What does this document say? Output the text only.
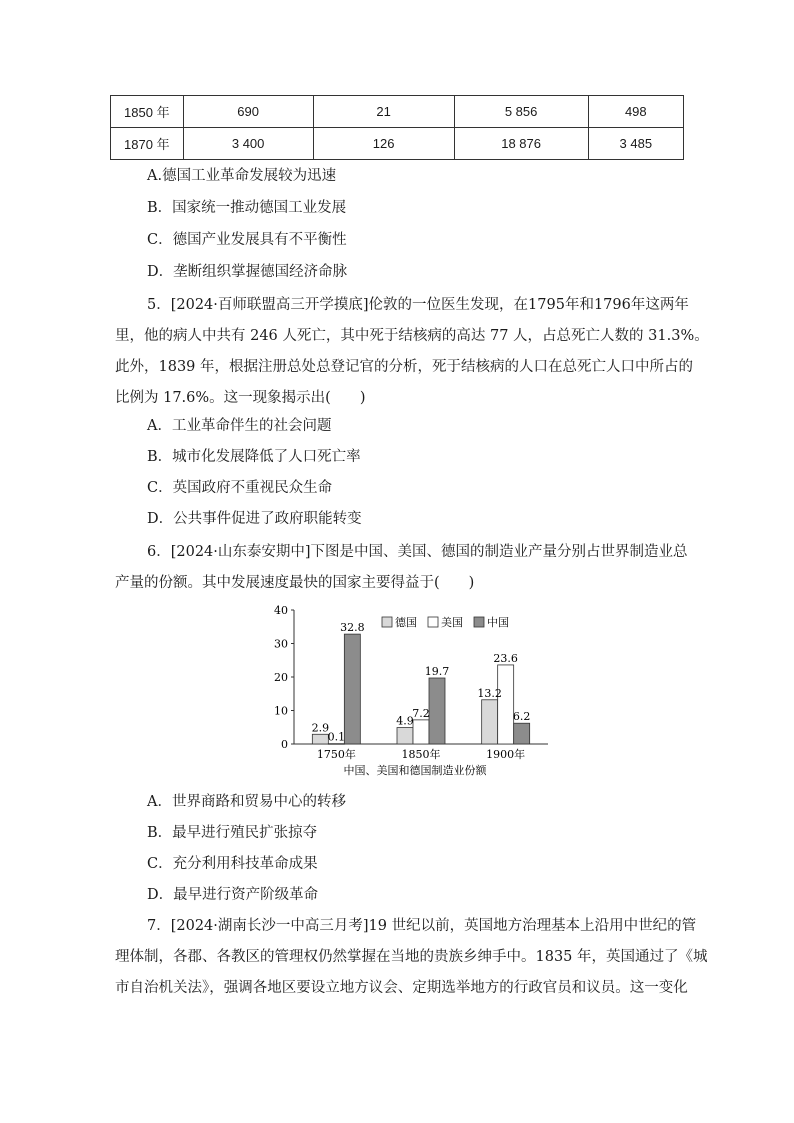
1850 年	690	21	5 856	498
1870 年	3 400	126	18 876	3 485
A.德国工业革命发展较为迅速
B．国家统一推动德国工业发展
C．德国产业发展具有不平衡性
D．垄断组织掌握德国经济命脉

5．[2024·百师联盟高三开学摸底]伦敦的一位医生发现，在1795年和1796年这两年

里，他的病人中共有 246 人死亡，其中死于结核病的高达 77 人，占总死亡人数的 31.3%。

此外，1839 年，根据注册总处总登记官的分析，死于结核病的人口在总死亡人口中所占的

比例为 17.6%。这一现象揭示出(　　)

A．工业革命伴生的社会问题
B．城市化发展降低了人口死亡率
C．英国政府不重视民众生命
D．公共事件促进了政府职能转变

6．[2024·山东泰安期中]下图是中国、美国、德国的制造业产量分别占世界制造业总

产量的份额。其中发展速度最快的国家主要得益于(　　)

0
10
20
30
40
2.9
0.1
32.8
4.9
7.2
19.7
13.2
23.6
6.2
1750年	1850年	1900年
德国 美国 中国
中国、美国和德国制造业份额
A．世界商路和贸易中心的转移
B．最早进行殖民扩张掠夺
C．充分利用科技革命成果
D．最早进行资产阶级革命

7．[2024·湖南长沙一中高三月考]19 世纪以前，英国地方治理基本上沿用中世纪的管

理体制，各郡、各教区的管理权仍然掌握在当地的贵族乡绅手中。1835 年，英国通过了《城

市自治机关法》，强调各地区要设立地方议会、定期选举地方的行政官员和议员。这一变化
